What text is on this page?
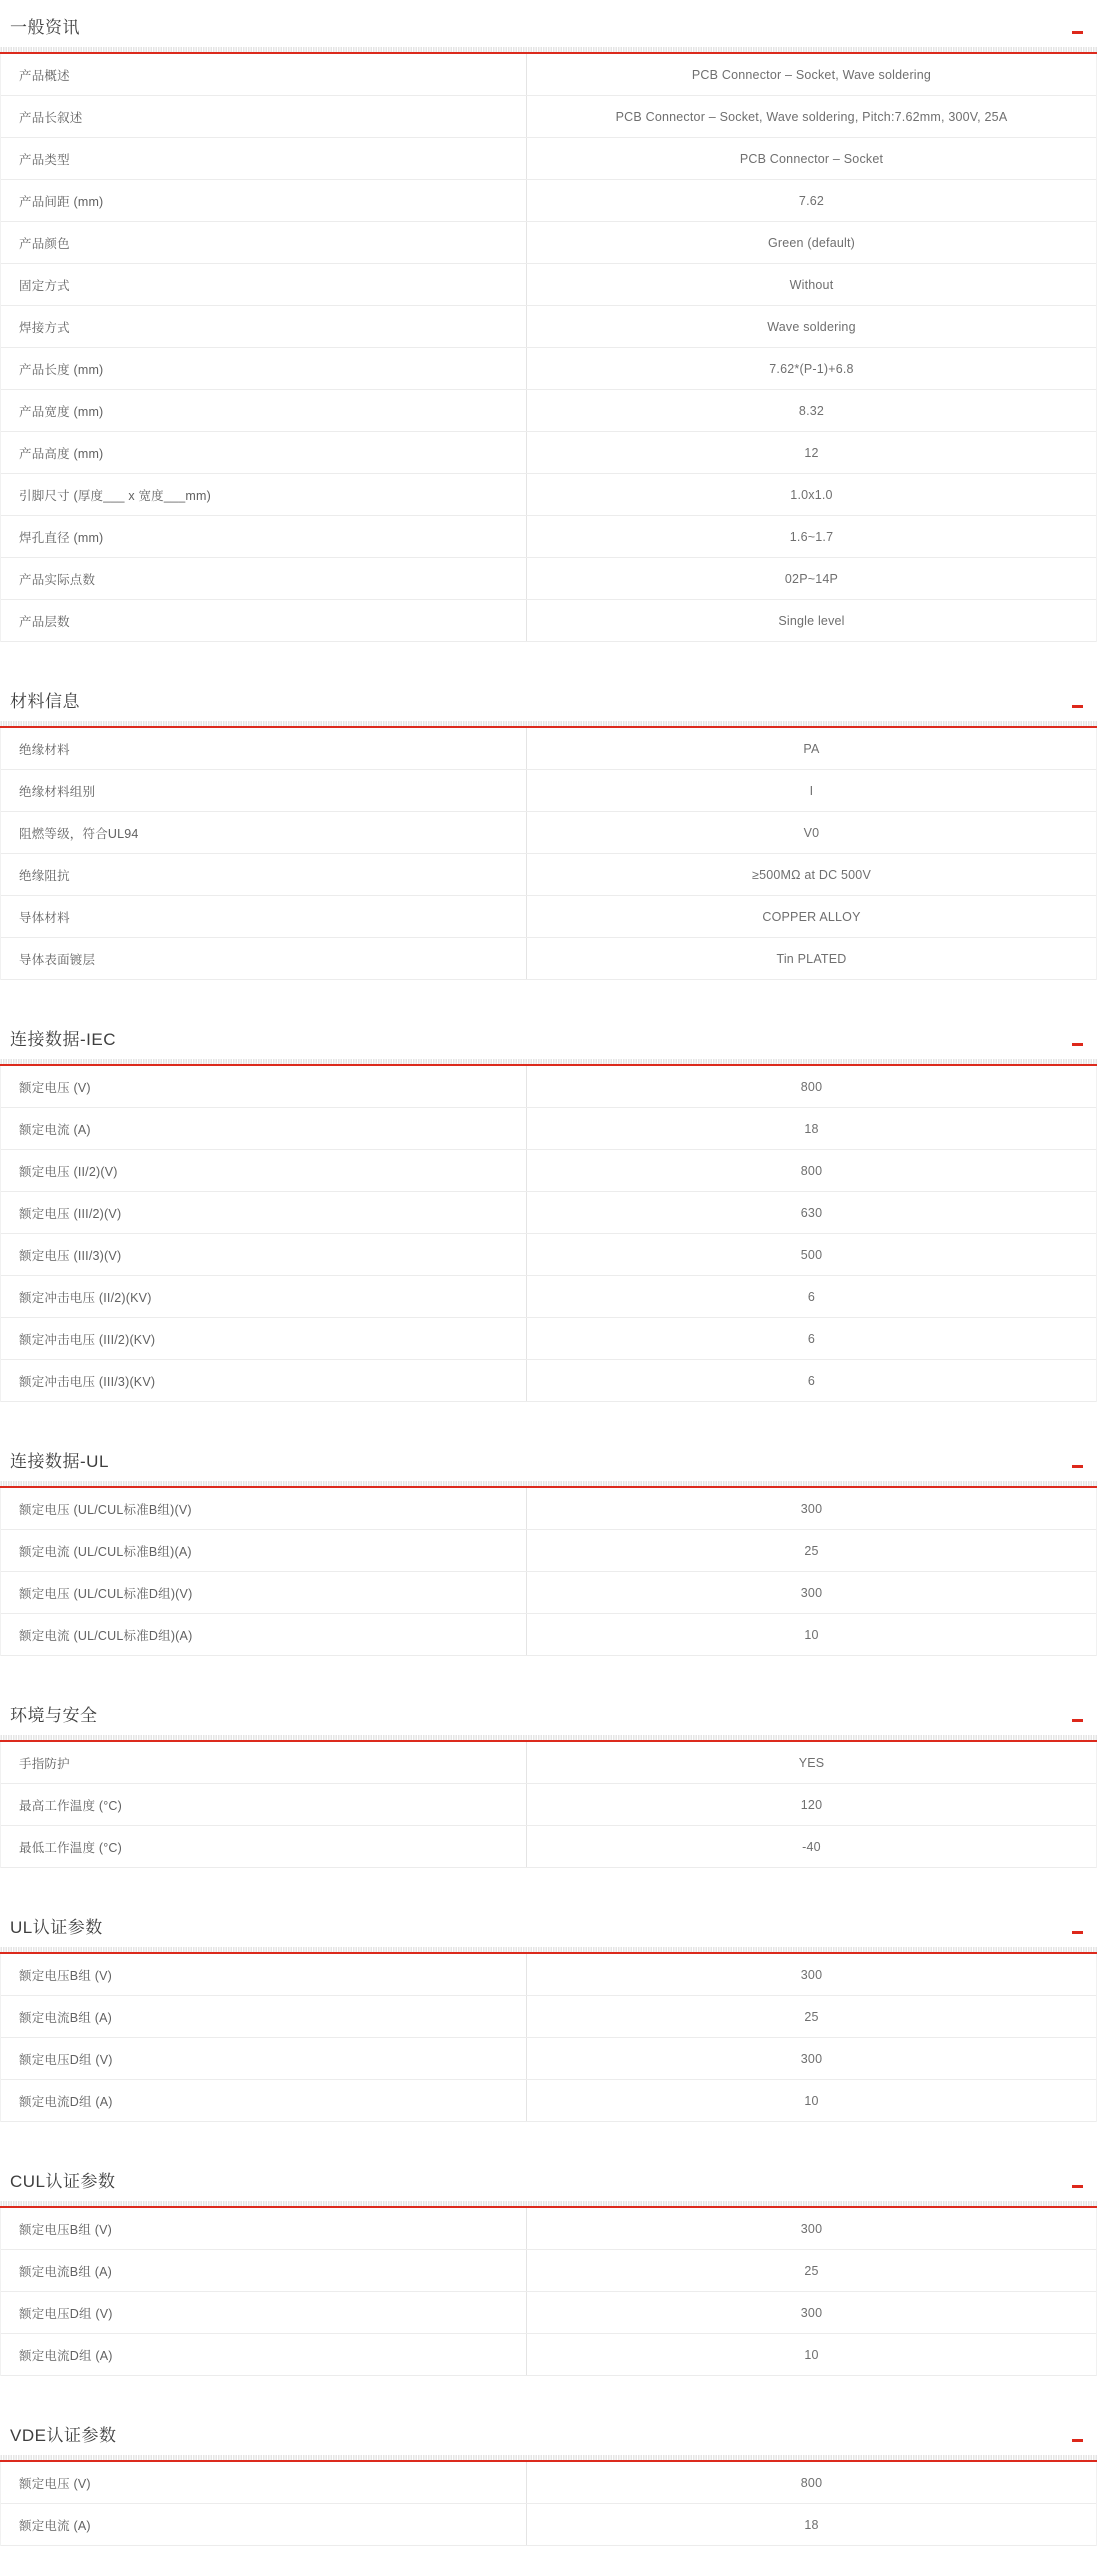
一般资讯
产品概述	PCB Connector – Socket, Wave soldering
产品长叙述	PCB Connector – Socket, Wave soldering, Pitch:7.62mm, 300V, 25A
产品类型	PCB Connector – Socket
产品间距 (mm)	7.62
产品颜色	Green (default)
固定方式	Without
焊接方式	Wave soldering
产品长度 (mm)	7.62*(P-1)+6.8
产品宽度 (mm)	8.32
产品高度 (mm)	12
引脚尺寸 (厚度___ x 宽度___mm)	1.0x1.0
焊孔直径 (mm)	1.6~1.7
产品实际点数	02P~14P
产品层数	Single level
材料信息
绝缘材料	PA
绝缘材料组别	I
阻燃等级，符合UL94	V0
绝缘阻抗	≥500MΩ at DC 500V
导体材料	COPPER ALLOY
导体表面镀层	Tin PLATED
连接数据-IEC
额定电压 (V)	800
额定电流 (A)	18
额定电压 (II/2)(V)	800
额定电压 (III/2)(V)	630
额定电压 (III/3)(V)	500
额定冲击电压 (II/2)(KV)	6
额定冲击电压 (III/2)(KV)	6
额定冲击电压 (III/3)(KV)	6
连接数据-UL
额定电压 (UL/CUL标准B组)(V)	300
额定电流 (UL/CUL标准B组)(A)	25
额定电压 (UL/CUL标准D组)(V)	300
额定电流 (UL/CUL标准D组)(A)	10
环境与安全
手指防护	YES
最高工作温度 (°C)	120
最低工作温度 (°C)	-40
UL认证参数
额定电压B组 (V)	300
额定电流B组 (A)	25
额定电压D组 (V)	300
额定电流D组 (A)	10
CUL认证参数
额定电压B组 (V)	300
额定电流B组 (A)	25
额定电压D组 (V)	300
额定电流D组 (A)	10
VDE认证参数
额定电压 (V)	800
额定电流 (A)	18
